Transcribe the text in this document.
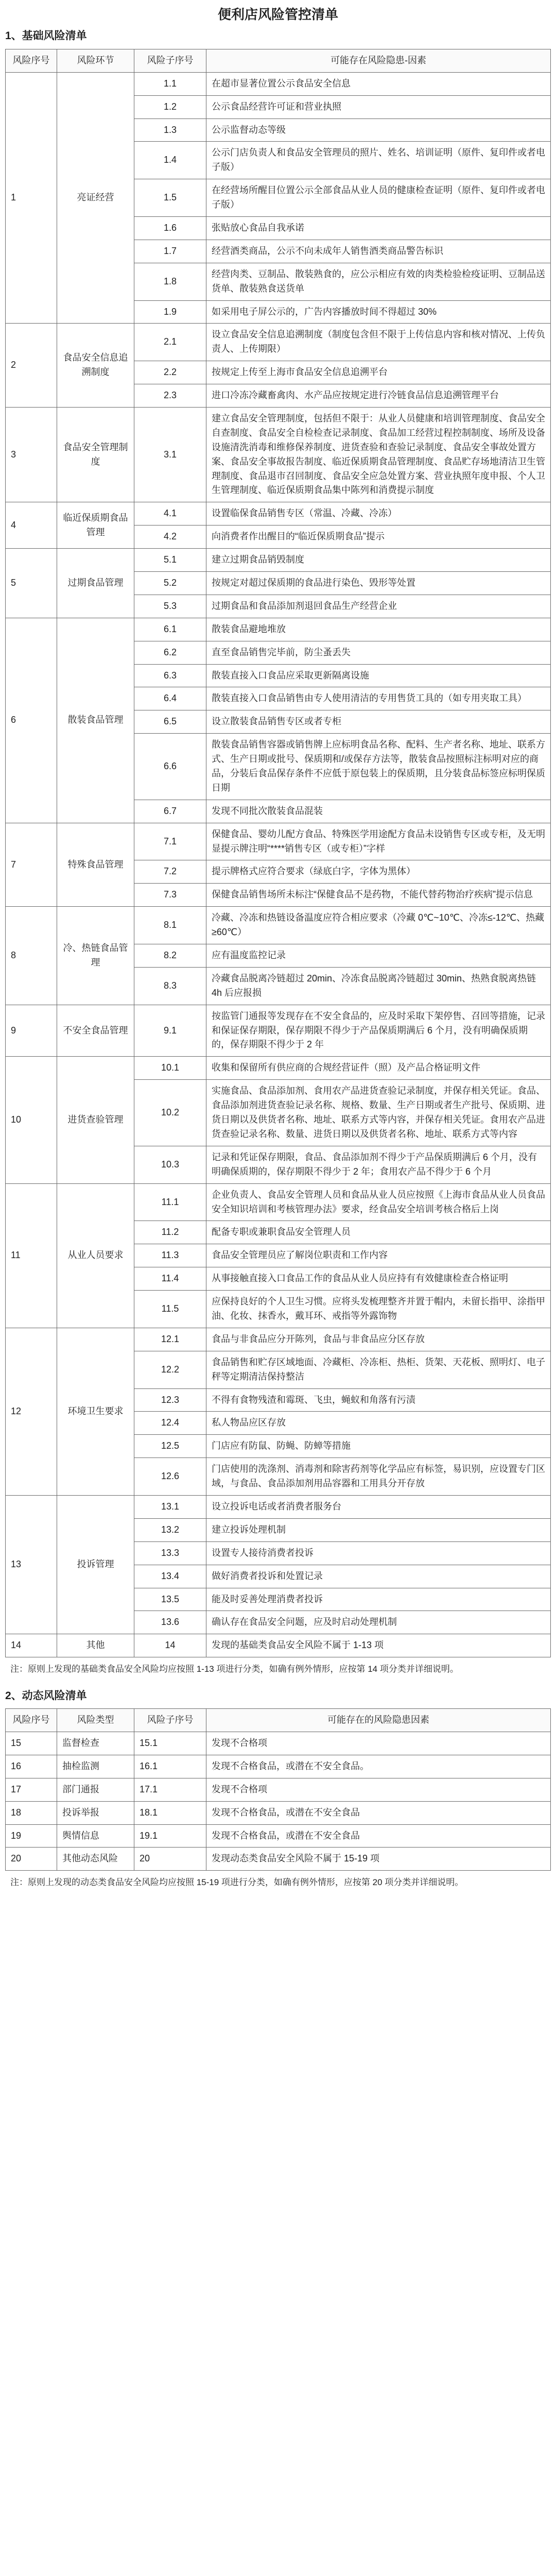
便利店风险管控清单
1、基础风险清单
风险序号	风险环节	风险子序号	可能存在风险隐患-因素
1	亮证经营	1.1	在超市显著位置公示食品安全信息
		1.2	公示食品经营许可证和营业执照
		1.3	公示监督动态等级
		1.4	公示门店负责人和食品安全管理员的照片、姓名、培训证明（原件、复印件或者电子版）
		1.5	在经营场所醒目位置公示全部食品从业人员的健康检查证明（原件、复印件或者电子版）
		1.6	张贴放心食品自我承诺
		1.7	经营酒类商品，公示不向未成年人销售酒类商品警告标识
		1.8	经营肉类、豆制品、散装熟食的，应公示相应有效的肉类检验检疫证明、豆制品送货单、散装熟食送货单
		1.9	如采用电子屏公示的，广告内容播放时间不得超过 30%
2	食品安全信息追溯制度	2.1	设立食品安全信息追溯制度（制度包含但不限于上传信息内容和核对情况、上传负责人、上传期限）
		2.2	按规定上传至上海市食品安全信息追溯平台
		2.3	进口冷冻冷藏畜禽肉、水产品应按规定进行冷链食品信息追溯管理平台
3	食品安全管理制度	3.1	建立食品安全管理制度，包括但不限于：从业人员健康和培训管理制度、食品安全自查制度、食品安全自检检查记录制度、食品加工经营过程控制制度、场所及设备设施清洗消毒和维修保养制度、进货查验和查验记录制度、食品安全事故处置方案、食品安全事故报告制度、临近保质期食品管理制度、食品贮存场地清洁卫生管理制度、食品退市召回制度、食品安全应急处置方案、营业执照年度申报、个人卫生管理制度、临近保质期食品集中陈列和消费提示制度
4	临近保质期食品管理	4.1	设置临保食品销售专区（常温、冷藏、冷冻）
		4.2	向消费者作出醒目的“临近保质期食品”提示
5	过期食品管理	5.1	建立过期食品销毁制度
		5.2	按规定对超过保质期的食品进行染色、毁形等处置
		5.3	过期食品和食品添加剂退回食品生产经营企业
6	散装食品管理	6.1	散装食品避地堆放
		6.2	直至食品销售完毕前，防尘蚤丢失
		6.3	散装直接入口食品应采取更新隔离设施
		6.4	散装直接入口食品销售由专人使用清洁的专用售货工具的（如专用夹取工具）
		6.5	设立散装食品销售专区或者专柜
		6.6	散装食品销售容器或销售牌上应标明食品名称、配料、生产者名称、地址、联系方式、生产日期或批号、保质期和/或保存方法等，散装食品按照标注标明对应的商品，分装后食品保存条件不应低于原包装上的保质期，且分装食品标签应标明保质日期
		6.7	发现不同批次散装食品混装
7	特殊食品管理	7.1	保健食品、婴幼儿配方食品、特殊医学用途配方食品未设销售专区或专柜，及无明显提示牌注明“****销售专区（或专柜）”字样
		7.2	提示牌格式应符合要求（绿底白字，字体为黑体）
		7.3	保健食品销售场所未标注“保健食品不是药物，不能代替药物治疗疾病”提示信息
8	冷、热链食品管理	8.1	冷藏、冷冻和热链设备温度应符合相应要求（冷藏 0℃~10℃、冷冻≤-12℃、热藏≥60℃）
		8.2	应有温度监控记录
		8.3	冷藏食品脱离冷链超过 20min、冷冻食品脱离冷链超过 30min、热熟食脱离热链 4h 后应报损
9	不安全食品管理	9.1	按监管门通报等发现存在不安全食品的，应及时采取下架停售、召回等措施，记录和保证保存期限，保存期限不得少于产品保质期满后 6 个月，没有明确保质期的，保存期限不得少于 2 年
10	进货查验管理	10.1	收集和保留所有供应商的合规经营证件（照）及产品合格证明文件
		10.2	实施食品、食品添加剂、食用农产品进货查验记录制度，并保存相关凭证。食品、食品添加剂进货查验记录名称、规格、数量、生产日期或者生产批号、保质期、进货日期以及供货者名称、地址、联系方式等内容，并保存相关凭证。食用农产品进货查验记录名称、数量、进货日期以及供货者名称、地址、联系方式等内容
		10.3	记录和凭证保存期限，食品、食品添加剂不得少于产品保质期满后 6 个月，没有明确保质期的，保存期限不得少于 2 年；食用农产品不得少于 6 个月
11	从业人员要求	11.1	企业负责人、食品安全管理人员和食品从业人员应按照《上海市食品从业人员食品安全知识培训和考核管理办法》要求，经食品安全培训考核合格后上岗
		11.2	配备专职或兼职食品安全管理人员
		11.3	食品安全管理员应了解岗位职责和工作内容
		11.4	从事接触直接入口食品工作的食品从业人员应持有有效健康检查合格证明
		11.5	应保持良好的个人卫生习惯。应将头发梳理整齐并置于帽内，未留长指甲、涂指甲油、化妆、抹香水，戴耳环、戒指等外露饰物
12	环境卫生要求	12.1	食品与非食品应分开陈列，食品与非食品应分区存放
		12.2	食品销售和贮存区域地面、冷藏柜、冷冻柜、热柜、货架、天花板、照明灯、电子秤等定期清洁保持整洁
		12.3	不得有食物残渣和霉斑、飞虫，蝇蚁和角落有污渍
		12.4	私人物品应区存放
		12.5	门店应有防鼠、防蝇、防蟑等措施
		12.6	门店使用的洗涤剂、消毒剂和除害药剂等化学品应有标签，易识别，应设置专门区域，与食品、食品添加剂用品容器和工用具分开存放
13	投诉管理	13.1	设立投诉电话或者消费者服务台
		13.2	建立投诉处理机制
		13.3	设置专人接待消费者投诉
		13.4	做好消费者投诉和处置记录
		13.5	能及时妥善处理消费者投诉
		13.6	确认存在食品安全问题，应及时启动处理机制
14	其他	14	发现的基础类食品安全风险不属于 1-13 项
注：原则上发现的基础类食品安全风险均应按照 1-13 项进行分类，如确有例外情形，应按第 14 项分类并详细说明。
2、动态风险清单
风险序号	风险类型	风险子序号	可能存在的风险隐患因素
15	监督检查	15.1	发现不合格项
16	抽检监测	16.1	发现不合格食品，或潜在不安全食品。
17	部门通报	17.1	发现不合格项
18	投诉举报	18.1	发现不合格食品，或潜在不安全食品
19	舆情信息	19.1	发现不合格食品，或潜在不安全食品
20	其他动态风险	20	发现动态类食品安全风险不属于 15-19 项
注：原则上发现的动态类食品安全风险均应按照 15-19 项进行分类，如确有例外情形，应按第 20 项分类并详细说明。
